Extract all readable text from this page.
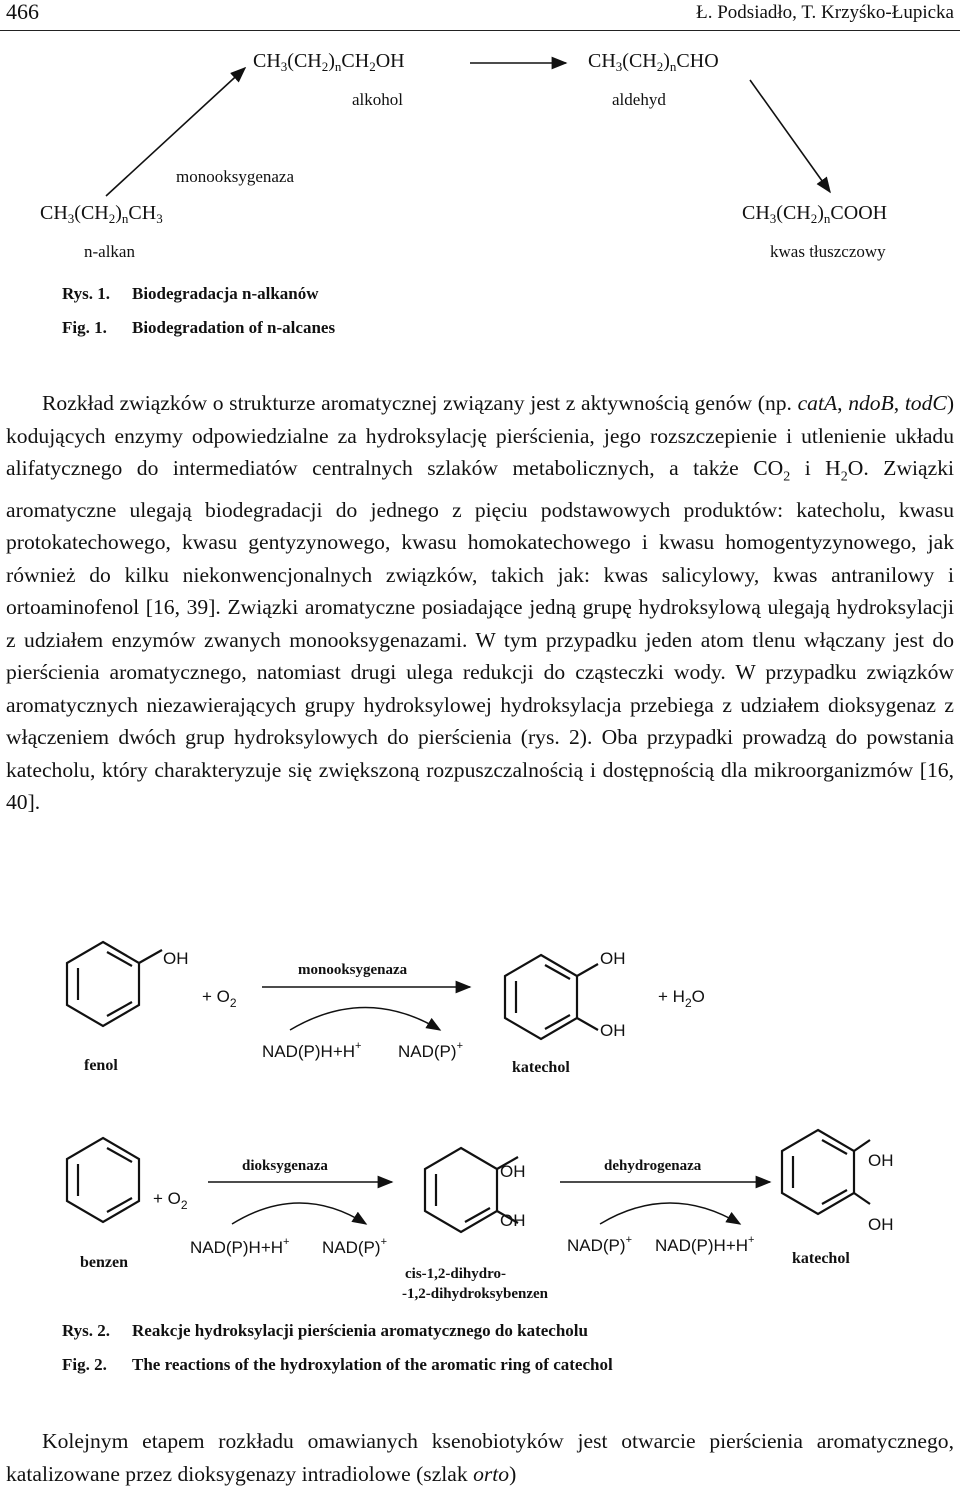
466	Ł. Podsiadło, T. Krzyśko-Łupicka
$CH_3(CH_2)_nCH_2OH$
alkohol
$CH_3(CH_2)_nCHO$
aldehyd
monooksygenaza
$CH_3(CH_2)_nCH_3$
n-alkan
$CH_3(CH_2)_nCOOH$
kwas tłuszczowy
Rys. 1. Biodegradacja n-alkanów
Fig. 1. Biodegradation of n-alcanes

Rozkład związków o strukturze aromatycznej związany jest z aktywnością genów (np. catA, ndoB, todC) kodujących enzymy odpowiedzialne za hydroksylację pierścienia, jego rozszczepienie i utlenienie układu alifatycznego do intermediatów centralnych szlaków metabolicznych, a także $CO_2$ i $H_2O$. Związki aromatyczne ulegają biodegradacji do jednego z pięciu podstawowych produktów: katecholu, kwasu protokatechowego, kwasu gentyzynowego, kwasu homokatechowego i kwasu homogentyzynowego, jak również do kilku niekonwencjonalnych związków, takich jak: kwas salicylowy, kwas antranilowy i ortoaminofenol [16, 39]. Związki aromatyczne posiadające jedną grupę hydroksylową ulegają hydroksylacji z udziałem enzymów zwanych monooksygenazami. W tym przypadku jeden atom tlenu włączany jest do pierścienia aromatycznego, natomiast drugi ulega redukcji do cząsteczki wody. W przypadku związków aromatycznych niezawierających grupy hydroksylowej hydroksylacja przebiega z udziałem dioksygenaz z włączeniem dwóch grup hydroksylowych do pierścienia (rys. 2). Oba przypadki prowadzą do powstania katecholu, który charakteryzuje się zwiększoną rozpuszczalnością i dostępnością dla mikroorganizmów [16, 40].

OH
fenol
+ $O_2$
monooksygenaza
NAD(P)H+H+ NAD(P)+
OH
OH
katechol
+ $H_2O$
benzen
+ $O_2$
dioksygenaza
NAD(P)H+H+ NAD(P)+
OH
OH
cis-1,2-dihydro-
-1,2-dihydroksybenzen
dehydrogenaza
NAD(P)+ NAD(P)H+H+
OH
OH
katechol
Rys. 2. Reakcje hydroksylacji pierścienia aromatycznego do katecholu
Fig. 2. The reactions of the hydroxylation of the aromatic ring of catechol

Kolejnym etapem rozkładu omawianych ksenobiotyków jest otwarcie pierścienia aromatycznego, katalizowane przez dioksygenazy intradiolowe (szlak orto)
